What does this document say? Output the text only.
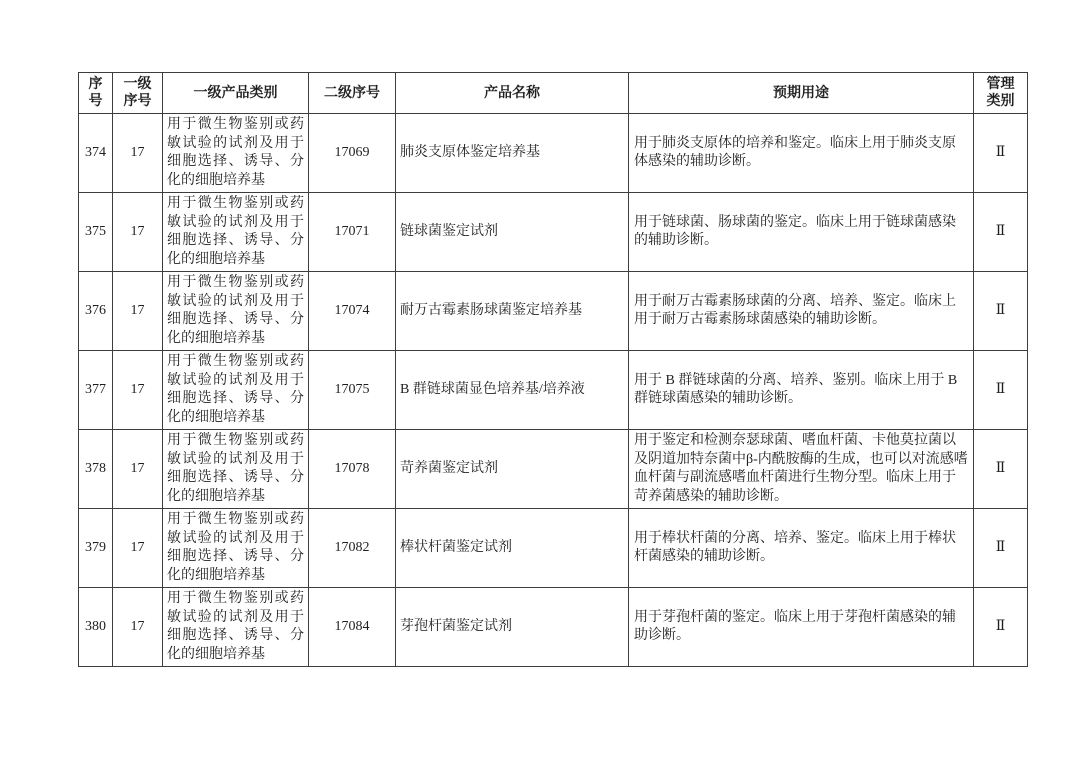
序号	一级序号	一级产品类别	二级序号	产品名称	预期用途	管理类别
374	17	用于微生物鉴别或药敏试验的试剂及用于细胞选择、诱导、分化的细胞培养基	17069	肺炎支原体鉴定培养基	用于肺炎支原体的培养和鉴定。临床上用于肺炎支原体感染的辅助诊断。	Ⅱ
375	17	用于微生物鉴别或药敏试验的试剂及用于细胞选择、诱导、分化的细胞培养基	17071	链球菌鉴定试剂	用于链球菌、肠球菌的鉴定。临床上用于链球菌感染的辅助诊断。	Ⅱ
376	17	用于微生物鉴别或药敏试验的试剂及用于细胞选择、诱导、分化的细胞培养基	17074	耐万古霉素肠球菌鉴定培养基	用于耐万古霉素肠球菌的分离、培养、鉴定。临床上用于耐万古霉素肠球菌感染的辅助诊断。	Ⅱ
377	17	用于微生物鉴别或药敏试验的试剂及用于细胞选择、诱导、分化的细胞培养基	17075	B 群链球菌显色培养基/培养液	用于 B 群链球菌的分离、培养、鉴别。临床上用于 B 群链球菌感染的辅助诊断。	Ⅱ
378	17	用于微生物鉴别或药敏试验的试剂及用于细胞选择、诱导、分化的细胞培养基	17078	苛养菌鉴定试剂	用于鉴定和检测奈瑟球菌、嗜血杆菌、卡他莫拉菌以及阴道加特奈菌中β-内酰胺酶的生成，也可以对流感嗜血杆菌与副流感嗜血杆菌进行生物分型。临床上用于苛养菌感染的辅助诊断。	Ⅱ
379	17	用于微生物鉴别或药敏试验的试剂及用于细胞选择、诱导、分化的细胞培养基	17082	棒状杆菌鉴定试剂	用于棒状杆菌的分离、培养、鉴定。临床上用于棒状杆菌感染的辅助诊断。	Ⅱ
380	17	用于微生物鉴别或药敏试验的试剂及用于细胞选择、诱导、分化的细胞培养基	17084	芽孢杆菌鉴定试剂	用于芽孢杆菌的鉴定。临床上用于芽孢杆菌感染的辅助诊断。	Ⅱ
